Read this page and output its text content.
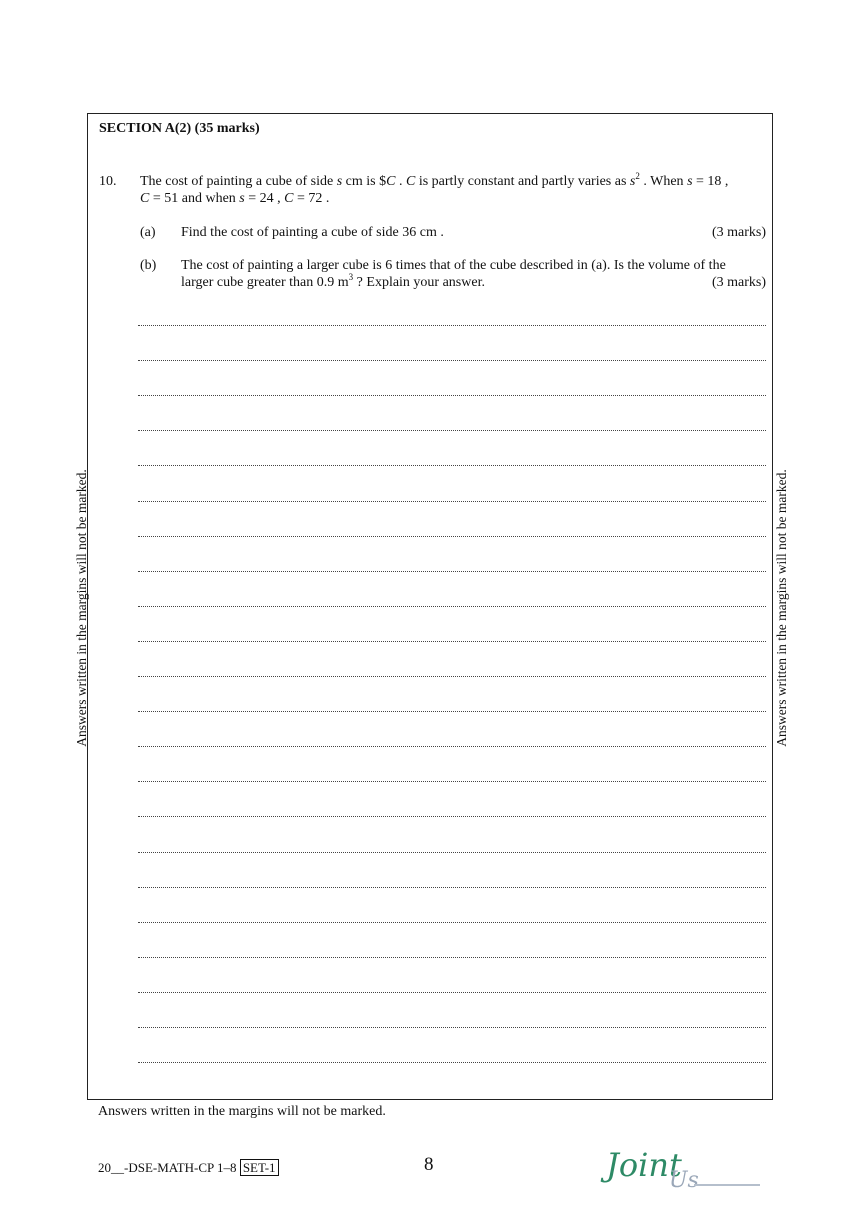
SECTION A(2) (35 marks)
10. The cost of painting a cube of side s cm is $C . C is partly constant and partly varies as $s^2$ . When s = 18 ,
C = 51 and when s = 24 , C = 72 .
(a) Find the cost of painting a cube of side 36 cm .	(3 marks)
(b) The cost of painting a larger cube is 6 times that of the cube described in (a). Is the volume of the
larger cube greater than 0.9 $m^3$ ? Explain your answer.	(3 marks)
Answers written in the margins will not be marked.	Answers written in the margins will not be marked.
Answers written in the margins will not be marked.
20__-DSE-MATH-CP 1–8 SET-1	8	Joint
Us
